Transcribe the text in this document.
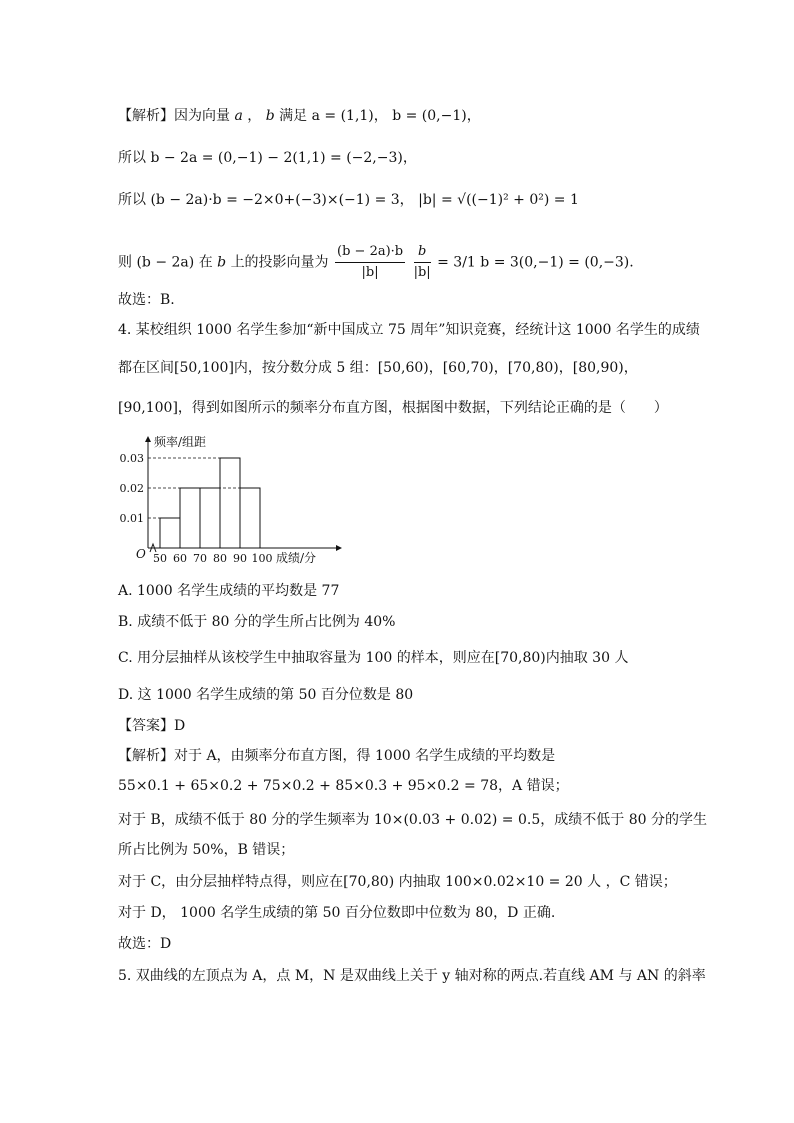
【解析】因为向量 a ， b 满足 a = (1,1)， b = (0,−1)，
所以 b − 2a = (0,−1) − 2(1,1) = (−2,−3)，
所以 (b − 2a)·b = −2×0+(−3)×(−1) = 3， |b| = √((−1)² + 0²) = 1
则 (b − 2a) 在 b 上的投影向量为 $\frac{(b - 2a)\cdot b}{|b|}$
$\frac{b}{|b|} = 3/1$ b = 3(0,−1) = (0,−3).
故选：B.
4. 某校组织 1000 名学生参加“新中国成立 75 周年”知识竞赛，经统计这 1000 名学生的成绩
都在区间[50,100]内，按分数分成 5 组：[50,60)，[60,70)，[70,80)，[80,90)，
[90,100]，得到如图所示的频率分布直方图，根据图中数据，下列结论正确的是（　　）
0.01
0.02
0.03
50 60 70 80 90 100
O
频率/组距
成绩/分
A. 1000 名学生成绩的平均数是 77
B. 成绩不低于 80 分的学生所占比例为 40%
C. 用分层抽样从该校学生中抽取容量为 100 的样本，则应在[70,80)内抽取 30 人
D. 这 1000 名学生成绩的第 50 百分位数是 80
【答案】D
【解析】对于 A，由频率分布直方图，得 1000 名学生成绩的平均数是
55×0.1 + 65×0.2 + 75×0.2 + 85×0.3 + 95×0.2 = 78，A 错误；
对于 B，成绩不低于 80 分的学生频率为 10×(0.03 + 0.02) = 0.5，成绩不低于 80 分的学生
所占比例为 50%，B 错误；
对于 C，由分层抽样特点得，则应在[70,80) 内抽取 100×0.02×10 = 20 人 ，C 错误；
对于 D， 1000 名学生成绩的第 50 百分位数即中位数为 80，D 正确.
故选：D
5. 双曲线的左顶点为 A，点 M，N 是双曲线上关于 y 轴对称的两点.若直线 AM 与 AN 的斜率
